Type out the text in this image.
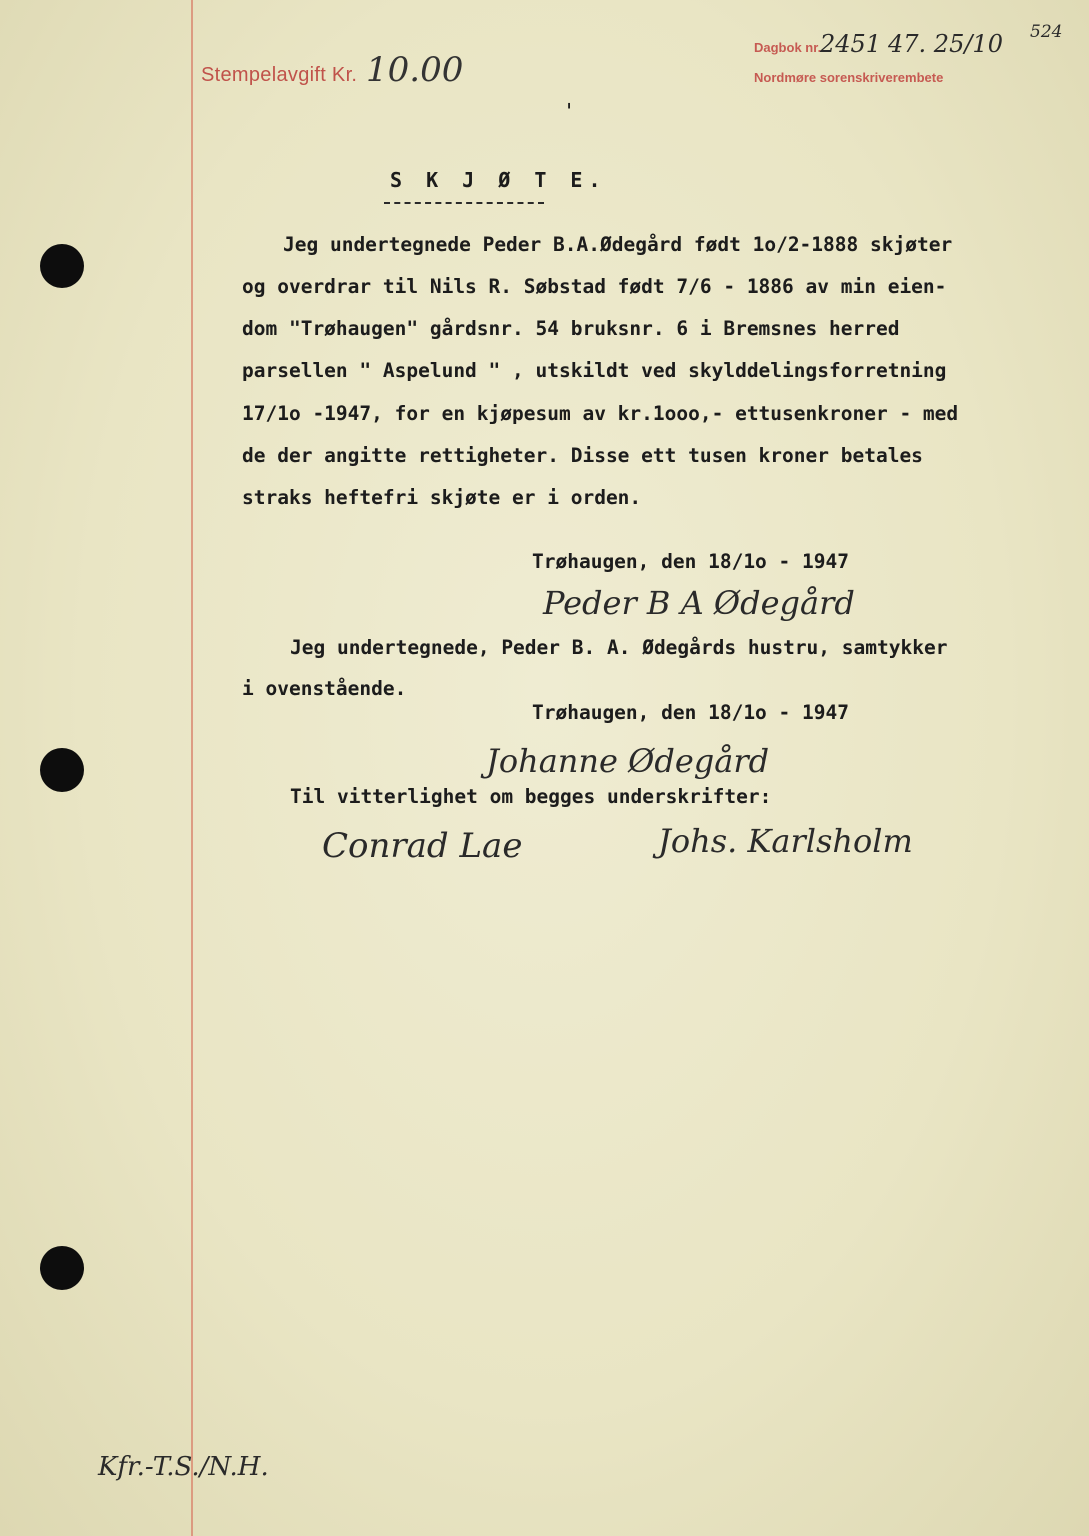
Stempelavgift Kr. 10.00
Dagbok nr.
2451 47. 25/10 524
Nordmøre sorenskriverembete
ˌ
S K J Ø T E.
Jeg undertegnede Peder B.A.Ødegård født 1o/2-1888 skjøter
og overdrar til Nils R. Søbstad født 7/6 - 1886 av min eien-
dom "Trøhaugen" gårdsnr. 54 bruksnr. 6 i Bremsnes herred
parsellen " Aspelund " , utskildt ved skylddelingsforretning
17/1o -1947, for en kjøpesum av kr.1ooo,- ettusenkroner - med
de der angitte rettigheter. Disse ett tusen kroner betales
straks heftefri skjøte er i orden.
Trøhaugen, den 18/1o - 1947
Peder B A Ødegård
Jeg undertegnede, Peder B. A. Ødegårds hustru, samtykker
i ovenstående.
Trøhaugen, den 18/1o - 1947
Johanne Ødegård
Til vitterlighet om begges underskrifter:
Conrad Lae	Johs. Karlsholm
Kfr.-T.S./N.H.
